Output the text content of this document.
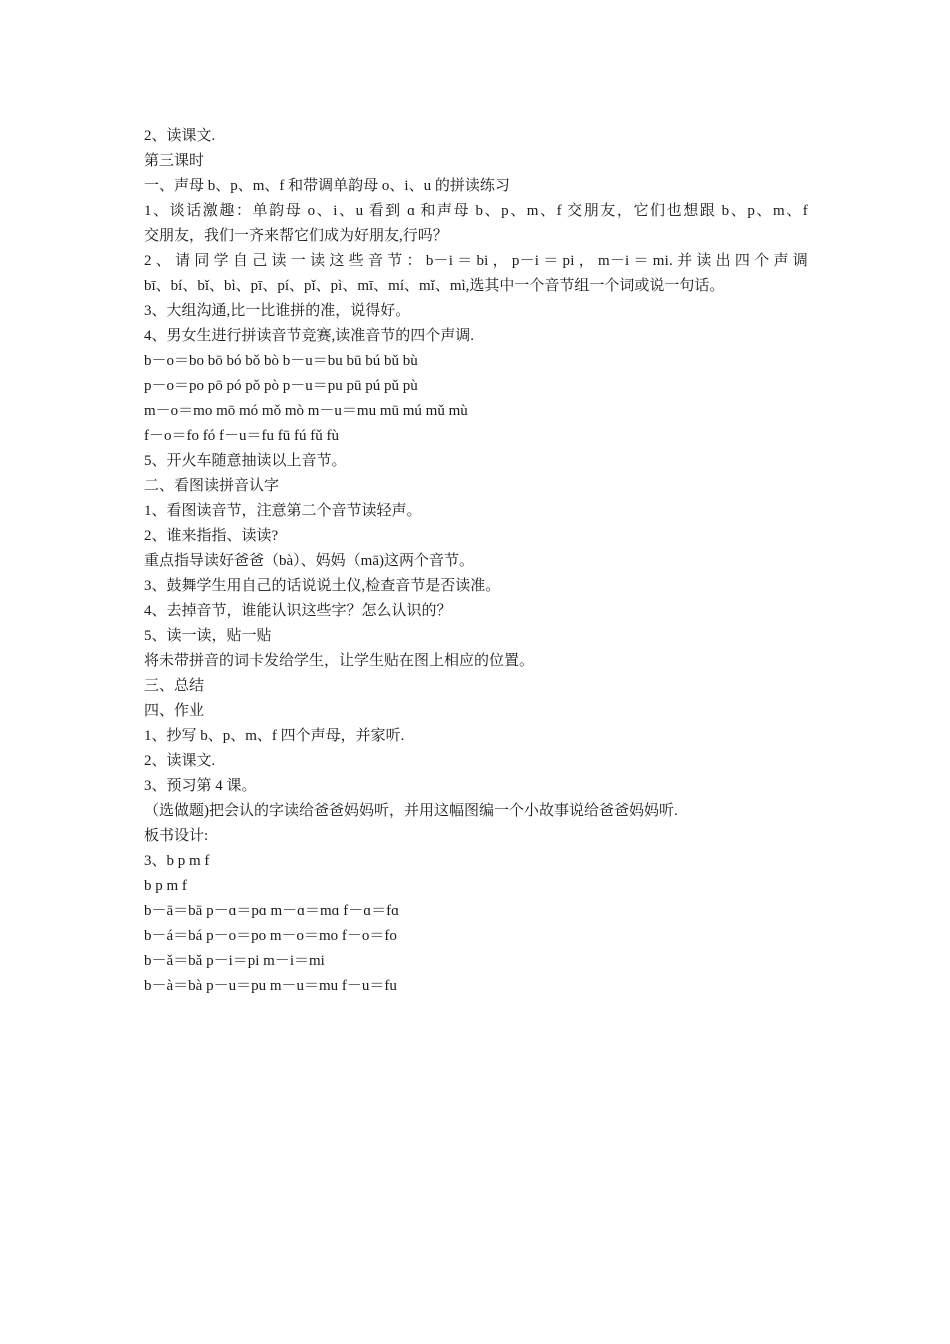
2、读课文.
第三课时
一、声母 b、p、m、f 和带调单韵母 o、i、u 的拼读练习
1、谈话激趣：单韵母 o、i、u 看到 ɑ 和声母 b、p、m、f 交朋友，它们也想跟 b、p、m、f
交朋友，我们一齐来帮它们成为好朋友,行吗？
2、请同学自己读一读这些音节：b－i＝bi，p－i＝pi，m－i＝mi.并读出四个声调
bī、bí、bǐ、bì、pī、pí、pǐ、pì、mī、mí、mǐ、mì,选其中一个音节组一个词或说一句话。
3、大组沟通,比一比谁拼的准，说得好。
4、男女生进行拼读音节竞赛,读准音节的四个声调.
b－o＝bo bō bó bǒ bò b－u＝bu bū bú bǔ bù
p－o＝po pō pó pǒ pò p－u＝pu pū pú pǔ pù
m－o＝mo mō mó mǒ mò m－u＝mu mū mú mǔ mù
f－o＝fo fó f－u＝fu fū fú fǔ fù
5、开火车随意抽读以上音节。
二、看图读拼音认字
1、看图读音节，注意第二个音节读轻声。
2、谁来指指、读读?
重点指导读好爸爸（bà）、妈妈（mā)这两个音节。
3、鼓舞学生用自己的话说说土仪,检查音节是否读准。
4、去掉音节，谁能认识这些字？怎么认识的？
5、读一读，贴一贴
将未带拼音的词卡发给学生，让学生贴在图上相应的位置。
三、总结
四、作业
1、抄写 b、p、m、f 四个声母，并家听.
2、读课文.
3、预习第 4 课。
（选做题)把会认的字读给爸爸妈妈听，并用这幅图编一个小故事说给爸爸妈妈听.
板书设计:
3、b p m f
b p m f
b－ā＝bā p－ɑ＝pɑ m－ɑ＝mɑ f－ɑ＝fɑ
b－á＝bá p－o＝po m－o＝mo f－o＝fo
b－ǎ＝bǎ p－i＝pi m－i＝mi
b－à＝bà p－u＝pu m－u＝mu f－u＝fu
